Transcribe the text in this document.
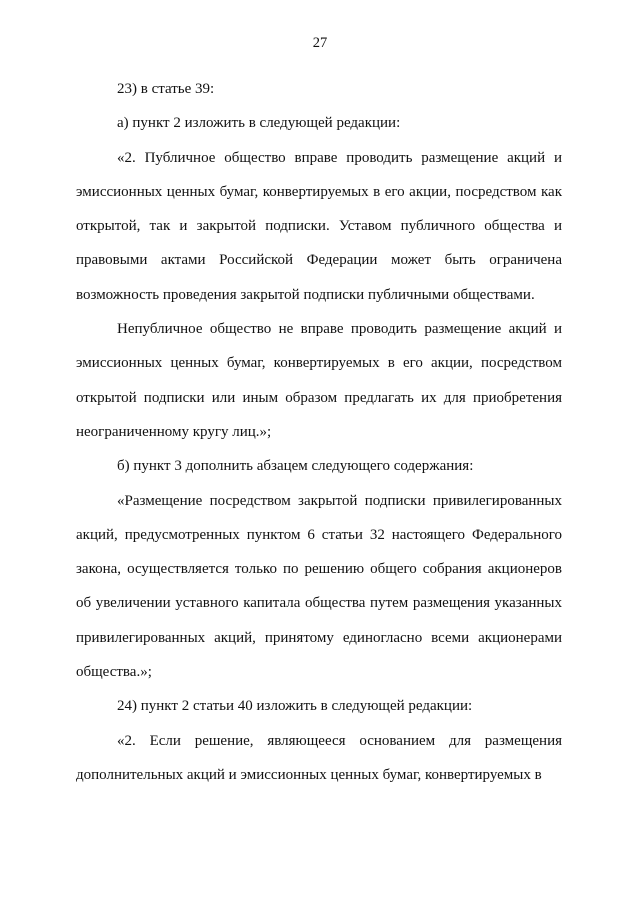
27

23) в статье 39:

а) пункт 2 изложить в следующей редакции:

«2. Публичное общество вправе проводить размещение акций и эмиссионных ценных бумаг, конвертируемых в его акции, посредством как открытой, так и закрытой подписки. Уставом публичного общества и правовыми актами Российской Федерации может быть ограничена возможность проведения закрытой подписки публичными обществами.

Непубличное общество не вправе проводить размещение акций и эмиссионных ценных бумаг, конвертируемых в его акции, посредством открытой подписки или иным образом предлагать их для приобретения неограниченному кругу лиц.»;

б) пункт 3 дополнить абзацем следующего содержания:

«Размещение посредством закрытой подписки привилегированных акций, предусмотренных пунктом 6 статьи 32 настоящего Федерального закона, осуществляется только по решению общего собрания акционеров об увеличении уставного капитала общества путем размещения указанных привилегированных акций, принятому единогласно всеми акционерами общества.»;

24) пункт 2 статьи 40 изложить в следующей редакции:

«2. Если решение, являющееся основанием для размещения дополнительных акций и эмиссионных ценных бумаг, конвертируемых в
